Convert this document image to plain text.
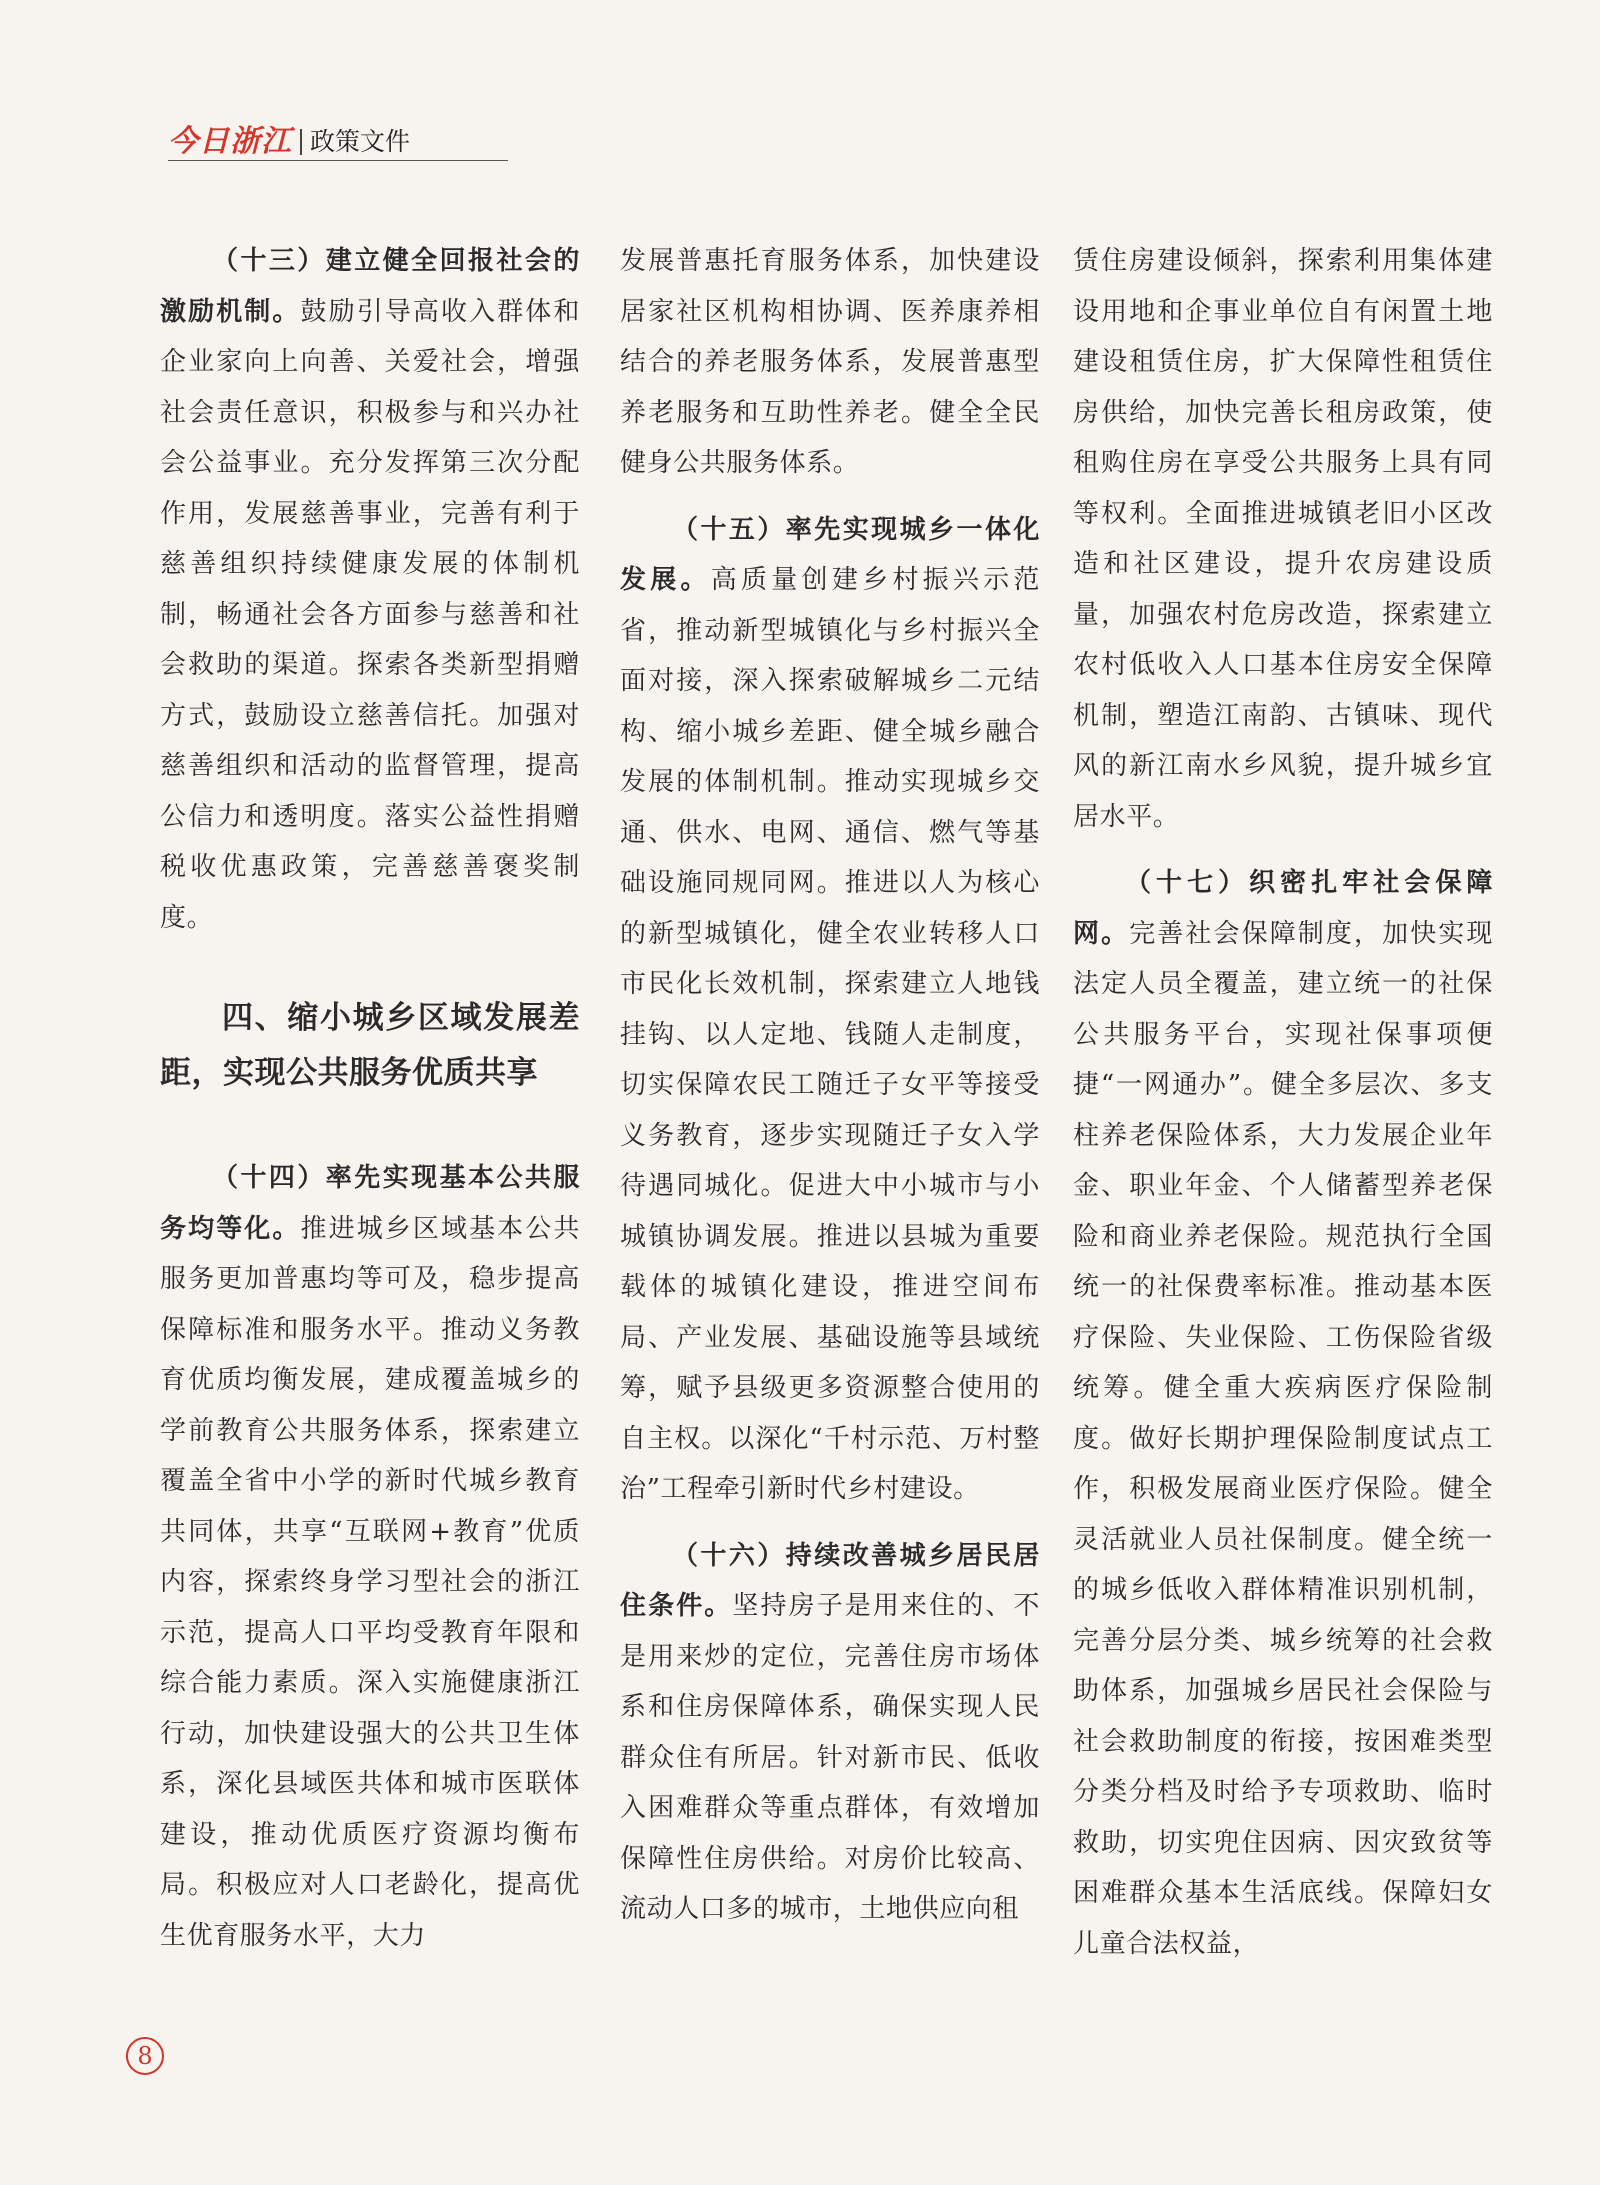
今日浙江 政策文件

（十三）建立健全回报社会的激励机制。鼓励引导高收入群体和企业家向上向善、关爱社会，增强社会责任意识，积极参与和兴办社会公益事业。充分发挥第三次分配作用，发展慈善事业，完善有利于慈善组织持续健康发展的体制机制，畅通社会各方面参与慈善和社会救助的渠道。探索各类新型捐赠方式，鼓励设立慈善信托。加强对慈善组织和活动的监督管理，提高公信力和透明度。落实公益性捐赠税收优惠政策，完善慈善褒奖制度。

四、缩小城乡区域发展差距，实现公共服务优质共享

（十四）率先实现基本公共服务均等化。推进城乡区域基本公共服务更加普惠均等可及，稳步提高保障标准和服务水平。推动义务教育优质均衡发展，建成覆盖城乡的学前教育公共服务体系，探索建立覆盖全省中小学的新时代城乡教育共同体，共享“互联网+教育”优质内容，探索终身学习型社会的浙江示范，提高人口平均受教育年限和综合能力素质。深入实施健康浙江行动，加快建设强大的公共卫生体系，深化县域医共体和城市医联体建设，推动优质医疗资源均衡布局。积极应对人口老龄化，提高优生优育服务水平，大力

发展普惠托育服务体系，加快建设居家社区机构相协调、医养康养相结合的养老服务体系，发展普惠型养老服务和互助性养老。健全全民健身公共服务体系。

（十五）率先实现城乡一体化发展。高质量创建乡村振兴示范省，推动新型城镇化与乡村振兴全面对接，深入探索破解城乡二元结构、缩小城乡差距、健全城乡融合发展的体制机制。推动实现城乡交通、供水、电网、通信、燃气等基础设施同规同网。推进以人为核心的新型城镇化，健全农业转移人口市民化长效机制，探索建立人地钱挂钩、以人定地、钱随人走制度，切实保障农民工随迁子女平等接受义务教育，逐步实现随迁子女入学待遇同城化。促进大中小城市与小城镇协调发展。推进以县城为重要载体的城镇化建设，推进空间布局、产业发展、基础设施等县域统筹，赋予县级更多资源整合使用的自主权。以深化“千村示范、万村整治”工程牵引新时代乡村建设。

（十六）持续改善城乡居民居住条件。坚持房子是用来住的、不是用来炒的定位，完善住房市场体系和住房保障体系，确保实现人民群众住有所居。针对新市民、低收入困难群众等重点群体，有效增加保障性住房供给。对房价比较高、流动人口多的城市，土地供应向租

赁住房建设倾斜，探索利用集体建设用地和企事业单位自有闲置土地建设租赁住房，扩大保障性租赁住房供给，加快完善长租房政策，使租购住房在享受公共服务上具有同等权利。全面推进城镇老旧小区改造和社区建设，提升农房建设质量，加强农村危房改造，探索建立农村低收入人口基本住房安全保障机制，塑造江南韵、古镇味、现代风的新江南水乡风貌，提升城乡宜居水平。

（十七）织密扎牢社会保障网。完善社会保障制度，加快实现法定人员全覆盖，建立统一的社保公共服务平台，实现社保事项便捷“一网通办”。健全多层次、多支柱养老保险体系，大力发展企业年金、职业年金、个人储蓄型养老保险和商业养老保险。规范执行全国统一的社保费率标准。推动基本医疗保险、失业保险、工伤保险省级统筹。健全重大疾病医疗保险制度。做好长期护理保险制度试点工作，积极发展商业医疗保险。健全灵活就业人员社保制度。健全统一的城乡低收入群体精准识别机制，完善分层分类、城乡统筹的社会救助体系，加强城乡居民社会保险与社会救助制度的衔接，按困难类型分类分档及时给予专项救助、临时救助，切实兜住因病、因灾致贫等困难群众基本生活底线。保障妇女儿童合法权益，

8
